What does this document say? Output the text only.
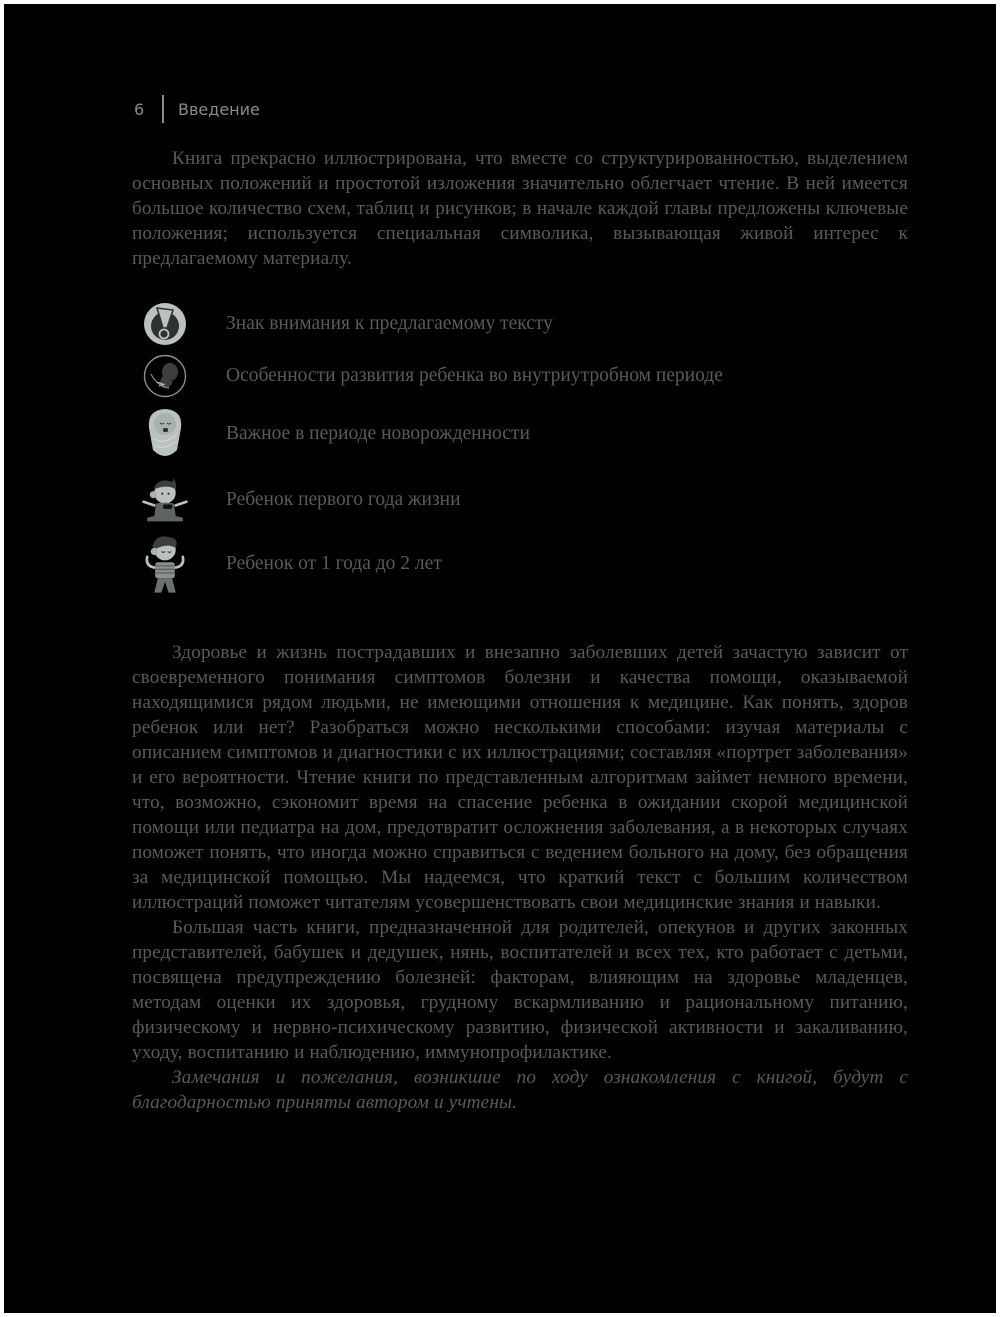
6	Введение

Книга прекрасно иллюстрирована, что вместе со структурированностью, выделением основных положений и простотой изложения значительно облегчает чтение. В ней имеется большое количество схем, таблиц и рисунков; в начале каждой главы предложены ключевые положения; используется специальная символика, вызывающая живой интерес к предлагаемому материалу.

Знак внимания к предлагаемому тексту
Особенности развития ребенка во внутриутробном периоде
Важное в периоде новорожденности
Ребенок первого года жизни
Ребенок от 1 года до 2 лет

Здоровье и жизнь пострадавших и внезапно заболевших детей зачастую зависит от своевременного понимания симптомов болезни и качества помощи, оказываемой находящимися рядом людьми, не имеющими отношения к медицине. Как понять, здоров ребенок или нет? Разобраться можно несколькими способами: изучая материалы с описанием симптомов и диагностики с их иллюстрациями; составляя «портрет заболевания» и его вероятности. Чтение книги по представленным алгоритмам займет немного времени, что, возможно, сэкономит время на спасение ребенка в ожидании скорой медицинской помощи или педиатра на дом, предотвратит осложнения заболевания, а в некоторых случаях поможет понять, что иногда можно справиться с ведением больного на дому, без обращения за медицинской помощью. Мы надеемся, что краткий текст с большим количеством иллюстраций поможет читателям усовершенствовать свои медицинские знания и навыки.

Большая часть книги, предназначенной для родителей, опекунов и других законных представителей, бабушек и дедушек, нянь, воспитателей и всех тех, кто работает с детьми, посвящена предупреждению болезней: факторам, влияющим на здоровье младенцев, методам оценки их здоровья, грудному вскармливанию и рациональному питанию, физическому и нервно-психическому развитию, физической активности и закаливанию, уходу, воспитанию и наблюдению, иммунопрофилактике.

Замечания и пожелания, возникшие по ходу ознакомления с книгой, будут с благодарностью приняты автором и учтены.
